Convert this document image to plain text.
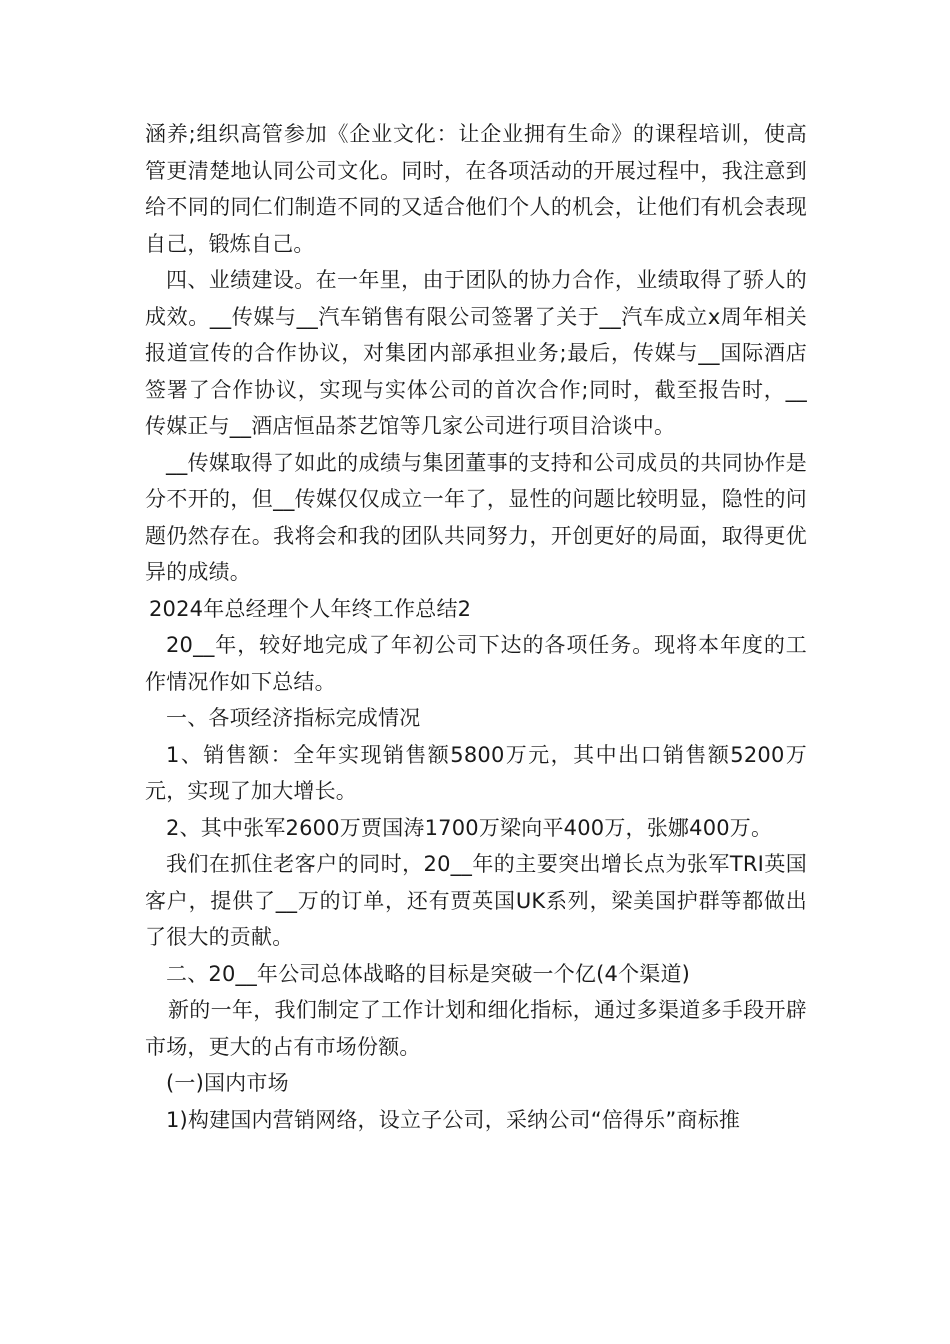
涵养;组织高管参加《企业文化：让企业拥有生命》的课程培训，使高管更清楚地认同公司文化。同时，在各项活动的开展过程中，我注意到给不同的同仁们制造不同的又适合他们个人的机会，让他们有机会表现自己，锻炼自己。

四、业绩建设。在一年里，由于团队的协力合作，业绩取得了骄人的成效。__传媒与__汽车销售有限公司签署了关于__汽车成立x周年相关报道宣传的合作协议，对集团内部承担业务;最后，传媒与__国际酒店签署了合作协议，实现与实体公司的首次合作;同时，截至报告时，__传媒正与__酒店恒品茶艺馆等几家公司进行项目洽谈中。

__传媒取得了如此的成绩与集团董事的支持和公司成员的共同协作是分不开的，但__传媒仅仅成立一年了，显性的问题比较明显，隐性的问题仍然存在。我将会和我的团队共同努力，开创更好的局面，取得更优异的成绩。

2024年总经理个人年终工作总结2

20__年，较好地完成了年初公司下达的各项任务。现将本年度的工作情况作如下总结。

一、各项经济指标完成情况

1、销售额：全年实现销售额5800万元，其中出口销售额5200万元，实现了加大增长。

2、其中张军2600万贾国涛1700万梁向平400万，张娜400万。

我们在抓住老客户的同时，20__年的主要突出增长点为张军TRI英国客户，提供了__万的订单，还有贾英国UK系列，梁美国护群等都做出了很大的贡献。

二、20__年公司总体战略的目标是突破一个亿(4个渠道)

新的一年，我们制定了工作计划和细化指标，通过多渠道多手段开辟市场，更大的占有市场份额。

(一)国内市场

1)构建国内营销网络，设立子公司，采纳公司“倍得乐”商标推
